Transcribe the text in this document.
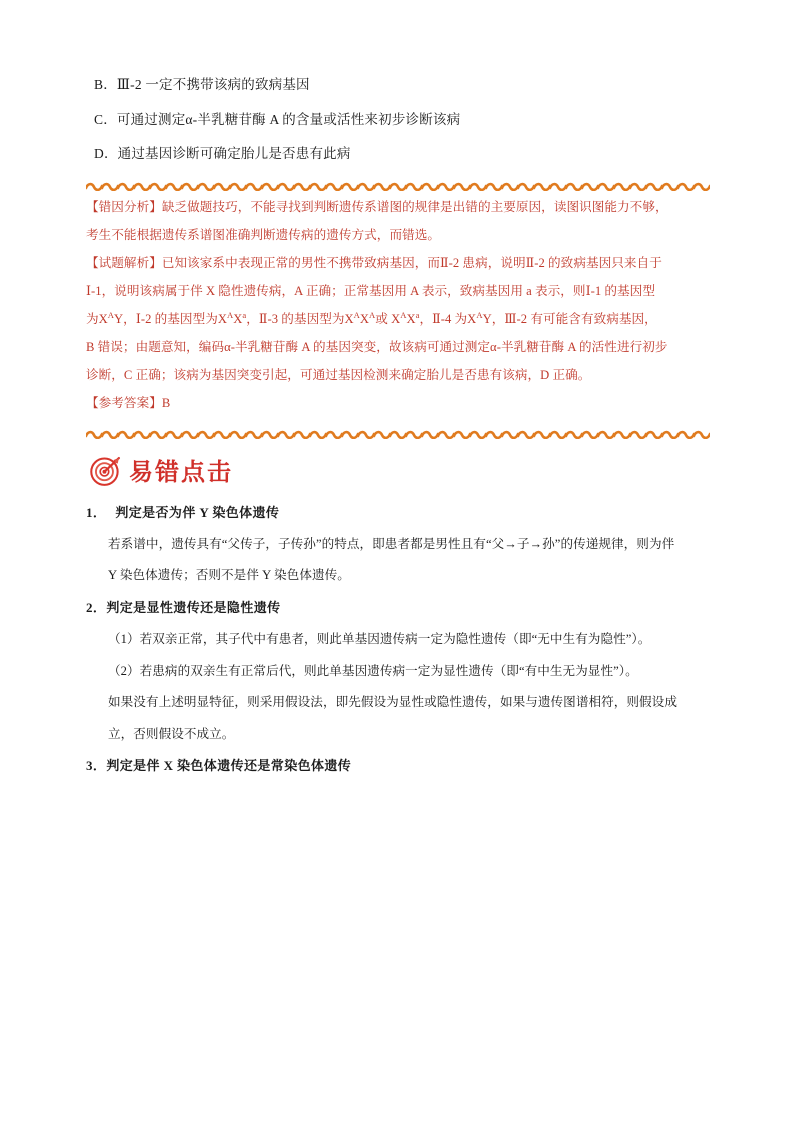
B．Ⅲ-2 一定不携带该病的致病基因
C．可通过测定α-半乳糖苷酶 A 的含量或活性来初步诊断该病
D．通过基因诊断可确定胎儿是否患有此病
【错因分析】缺乏做题技巧，不能寻找到判断遗传系谱图的规律是出错的主要原因，读图识图能力不够，
考生不能根据遗传系谱图准确判断遗传病的遗传方式，而错选。
【试题解析】已知该家系中表现正常的男性不携带致病基因，而Ⅱ-2 患病，说明Ⅱ-2 的致病基因只来自于
Ⅰ-1，说明该病属于伴 X 隐性遗传病，A 正确；正常基因用 A 表示，致病基因用 a 表示，则Ⅰ-1 的基因型
为$X^AY$，Ⅰ-2 的基因型为$X^AX^a$，Ⅱ-3 的基因型为$X^AX^A$或 $X^AX^a$，Ⅱ-4 为$X^AY$，Ⅲ-2 有可能含有致病基因，
B 错误；由题意知，编码α-半乳糖苷酶 A 的基因突变，故该病可通过测定α-半乳糖苷酶 A 的活性进行初步
诊断，C 正确；该病为基因突变引起，可通过基因检测来确定胎儿是否患有该病，D 正确。
【参考答案】B
易错点击
1． 判定是否为伴 Y 染色体遗传
若系谱中，遗传具有“父传子，子传孙”的特点，即患者都是男性且有“父→子→孙”的传递规律，则为伴
Y 染色体遗传；否则不是伴 Y 染色体遗传。
2．判定是显性遗传还是隐性遗传
（1）若双亲正常，其子代中有患者，则此单基因遗传病一定为隐性遗传（即“无中生有为隐性”）。
（2）若患病的双亲生有正常后代，则此单基因遗传病一定为显性遗传（即“有中生无为显性”）。
如果没有上述明显特征，则采用假设法，即先假设为显性或隐性遗传，如果与遗传图谱相符，则假设成
立，否则假设不成立。
3．判定是伴 X 染色体遗传还是常染色体遗传
